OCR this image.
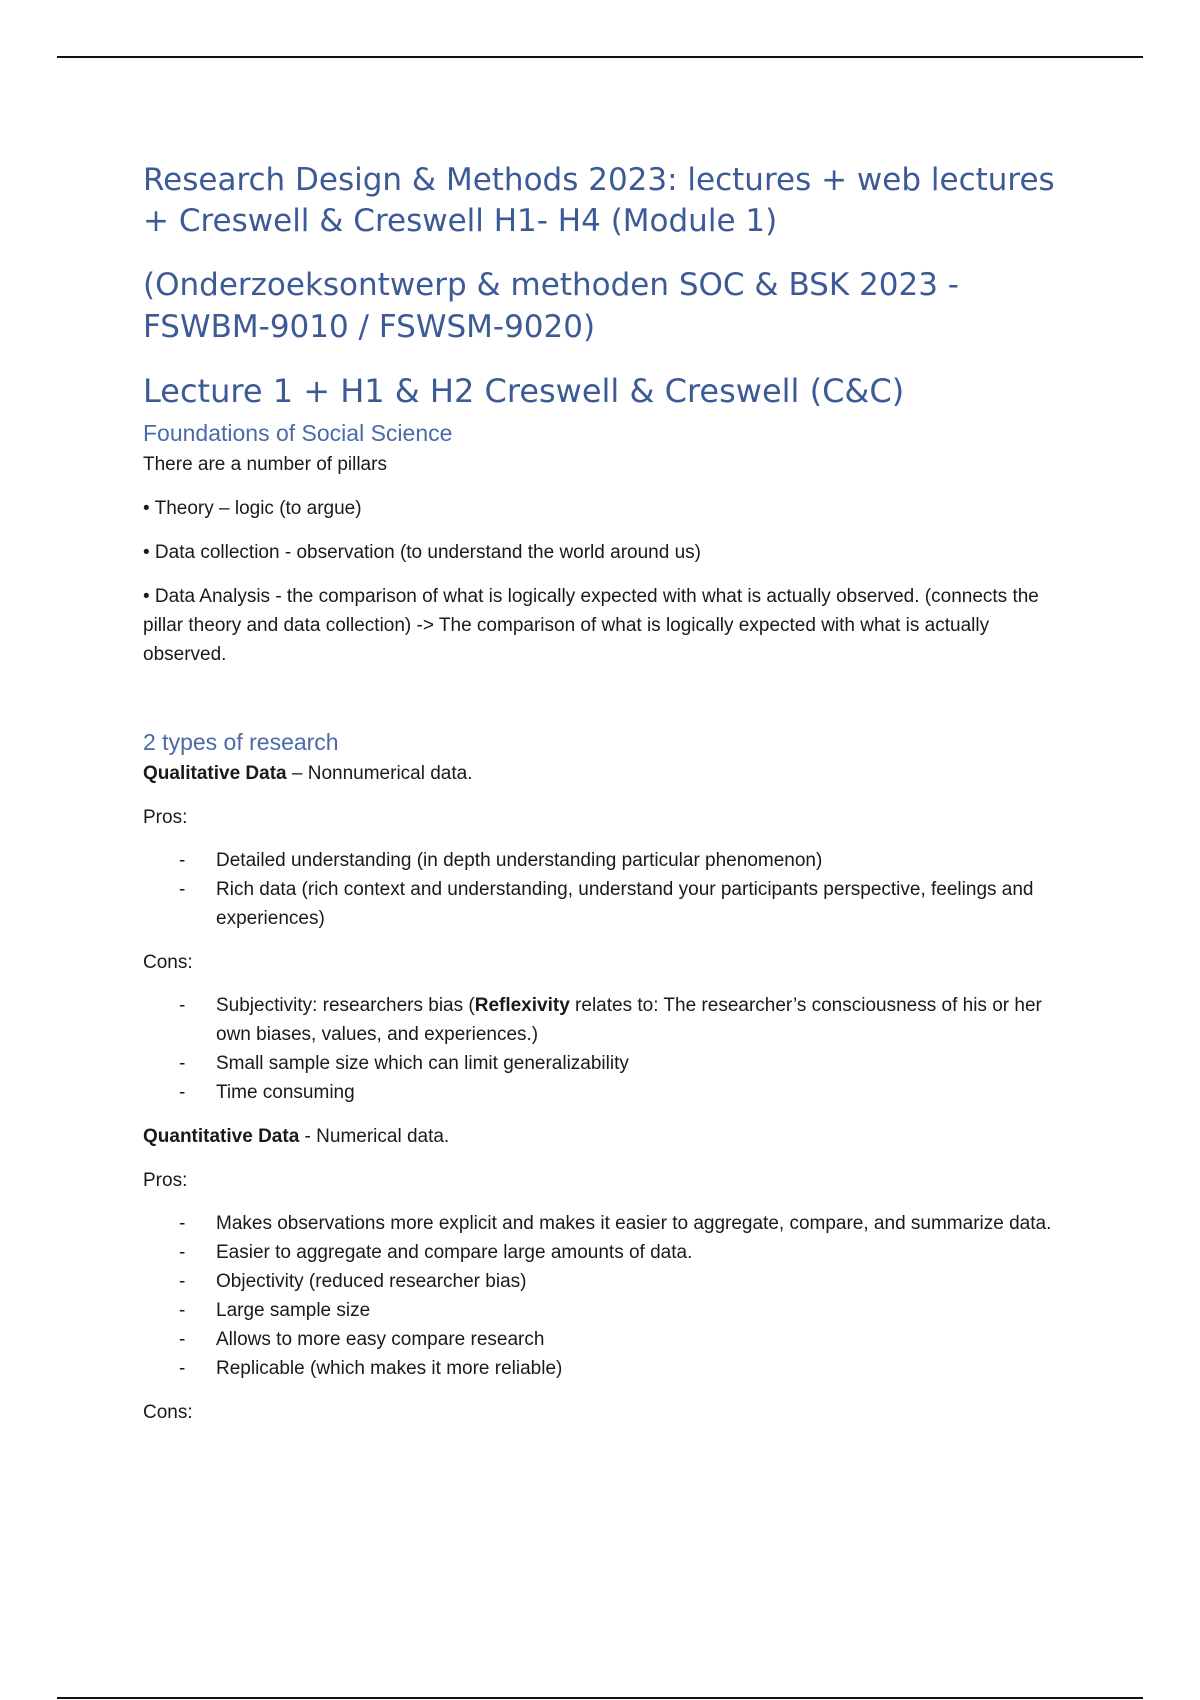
Research Design & Methods 2023: lectures + web lectures + Creswell & Creswell H1- H4 (Module 1)
(Onderzoeksontwerp & methoden SOC & BSK 2023 - FSWBM-9010 / FSWSM-9020)
Lecture 1 + H1 & H2 Creswell & Creswell (C&C)
Foundations of Social Science

There are a number of pillars

• Theory – logic (to argue)

• Data collection - observation (to understand the world around us)

• Data Analysis - the comparison of what is logically expected with what is actually observed. (connects the pillar theory and data collection) -> The comparison of what is logically expected with what is actually observed.

2 types of research

Qualitative Data – Nonnumerical data.

Pros:

- Detailed understanding (in depth understanding particular phenomenon)
- Rich data (rich context and understanding, understand your participants perspective, feelings and experiences)

Cons:

- Subjectivity: researchers bias (Reflexivity relates to: The researcher’s consciousness of his or her own biases, values, and experiences.)
- Small sample size which can limit generalizability
- Time consuming

Quantitative Data - Numerical data.

Pros:

- Makes observations more explicit and makes it easier to aggregate, compare, and summarize data.
- Easier to aggregate and compare large amounts of data.
- Objectivity (reduced researcher bias)
- Large sample size
- Allows to more easy compare research
- Replicable (which makes it more reliable)

Cons:
